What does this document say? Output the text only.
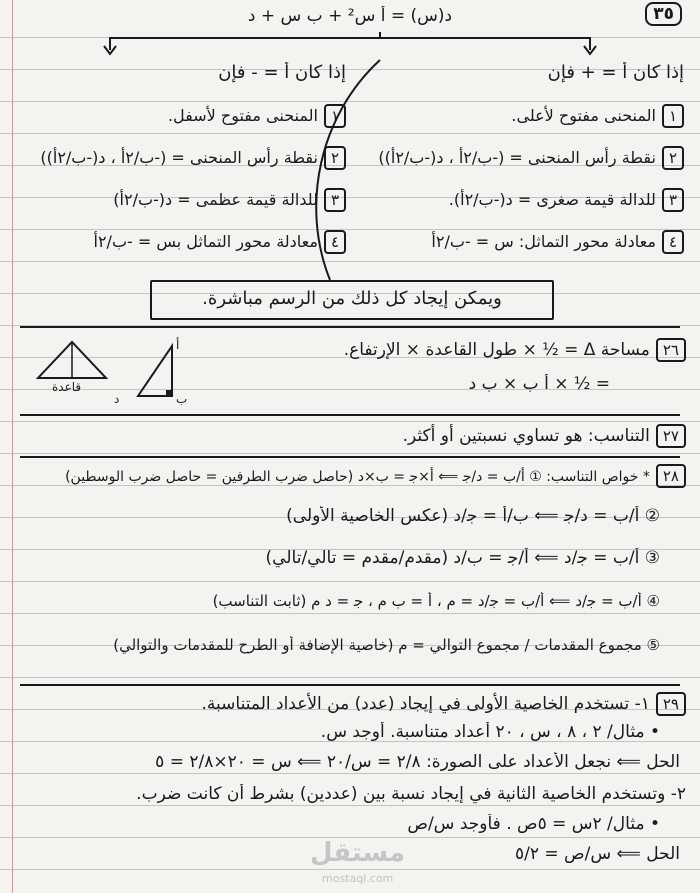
٣٥
د(س) = أ س² + ب س + د
إذا كان أ = + فإن
إذا كان أ = - فإن
١المنحنى مفتوح لأعلى.
٢نقطة رأس المنحنى = (-ب/٢أ ، د(-ب/٢أ))
٣للدالة قيمة صغرى = د(-ب/٢أ).
٤معادلة محور التماثل: س = -ب/٢أ
١المنحنى مفتوح لأسفل.
٢نقطة رأس المنحنى = (-ب/٢أ ، د(-ب/٢أ))
٣للدالة قيمة عظمى = د(-ب/٢أ)
٤معادلة محور التماثل بس = -ب/٢أ
ويمكن إيجاد كل ذلك من الرسم مباشرة.
قاعدة
أ
ب
د
٢٦مساحة Δ = ½ × طول القاعدة × الإرتفاع.
= ½ × أ ب × ب د
٢٧التناسب: هو تساوي نسبتين أو أكثر.
٢٨* خواص التناسب: ① أ/ب = د/ﺟ ⟸ أ×ﺟ = ب×د (حاصل ضرب الطرفين = حاصل ضرب الوسطين)
② أ/ب = د/ﺟ ⟸ ب/أ = ﺟ/د (عكس الخاصية الأولى)
③ أ/ب = ﺟ/د ⟸ أ/ﺟ = ب/د (مقدم/مقدم = تالي/تالي)
④ أ/ب = ﺟ/د ⟸ أ/ب = ﺟ/د = م ، أ = ب م ، ﺟ = د م (ثابت التناسب)
⑤ مجموع المقدمات / مجموع التوالي = م (خاصية الإضافة أو الطرح للمقدمات والتوالي)
٢٩١- تستخدم الخاصية الأولى في إيجاد (عدد) من الأعداد المتناسبة.
• مثال/ ٢ ، ٨ ، س ، ٢٠ أعداد متناسبة. أوجد س.
الحل ⟸ نجعل الأعداد على الصورة: ٢/٨ = س/٢٠ ⟸ س = ٢٠×٢/٨ = ٥
٢- وتستخدم الخاصية الثانية في إيجاد نسبة بين (عددين) بشرط أن كانت ضرب.
• مثال/ ٢س = ٥ص . فأوجد س/ص
الحل ⟸ س/ص = ٥/٢
مستقل
mostaql.com
